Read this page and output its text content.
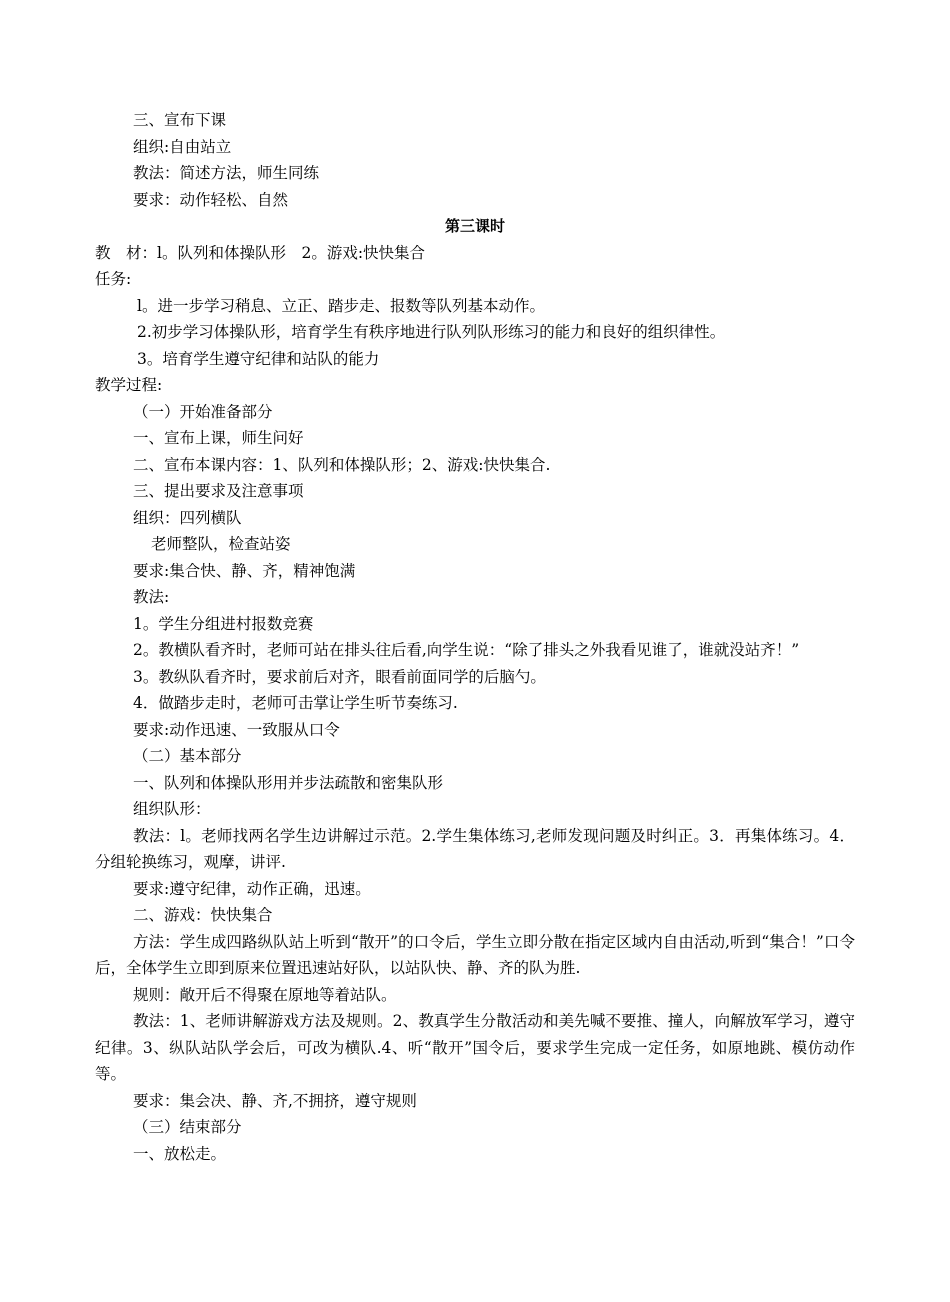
三、宣布下课
组织:自由站立
教法：简述方法，师生同练
要求：动作轻松、自然
第三课时
教　材：l。队列和体操队形　2。游戏:快快集合
任务:
l。进一步学习稍息、立正、踏步走、报数等队列基本动作。
2.初步学习体操队形，培育学生有秩序地进行队列队形练习的能力和良好的组织律性。
3。培育学生遵守纪律和站队的能力
教学过程:
（一）开始准备部分
一、宣布上课，师生问好
二、宣布本课内容：1、队列和体操队形；2、游戏:快快集合.
三、提出要求及注意事项
组织：四列横队
老师整队，检查站姿
要求:集合快、静、齐，精神饱满
教法:
1。学生分组进村报数竞赛
2。教横队看齐时，老师可站在排头往后看,向学生说：“除了排头之外我看见谁了，谁就没站齐！”
3。教纵队看齐时，要求前后对齐，眼看前面同学的后脑勺。
4．做踏步走时，老师可击掌让学生听节奏练习.
要求:动作迅速、一致服从口令
（二）基本部分
一、队列和体操队形用并步法疏散和密集队形
组织队形：
教法：l。老师找两名学生边讲解过示范。2.学生集体练习,老师发现问题及时纠正。3．再集体练习。4．分组轮换练习，观摩，讲评.
要求:遵守纪律，动作正确，迅速。
二、游戏：快快集合
方法：学生成四路纵队站上听到“散开”的口令后，学生立即分散在指定区域内自由活动,听到“集合！”口令后，全体学生立即到原来位置迅速站好队，以站队快、静、齐的队为胜.
规则：敞开后不得聚在原地等着站队。
教法：1、老师讲解游戏方法及规则。2、教真学生分散活动和美先喊不要推、撞人，向解放军学习，遵守纪律。3、纵队站队学会后，可改为横队.4、听“散开”国令后，要求学生完成一定任务，如原地跳、模仿动作等。
要求：集会决、静、齐,不拥挤，遵守规则
（三）结束部分
一、放松走。
